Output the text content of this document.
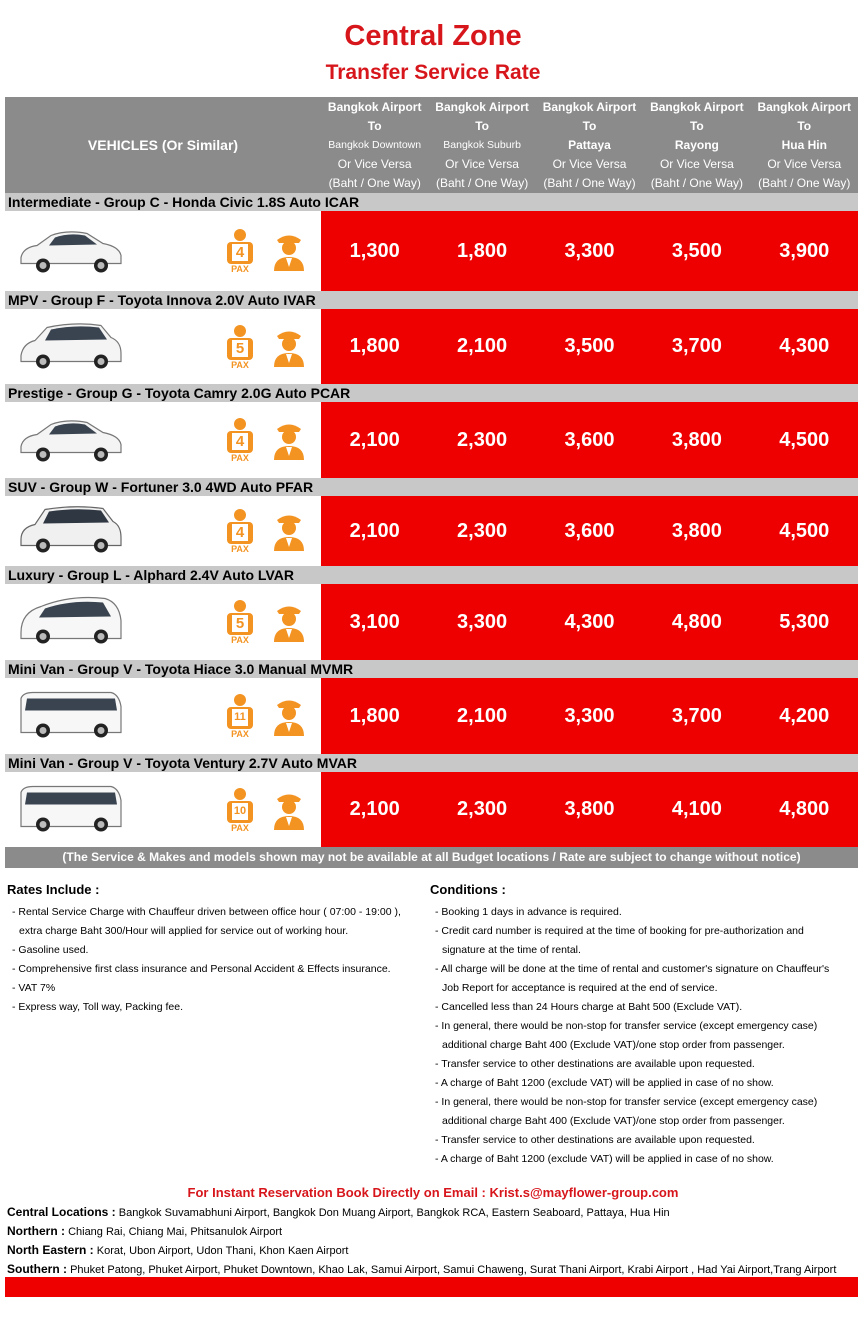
Central Zone
Transfer Service Rate
VEHICLES (Or Similar)
Bangkok Airport
To
Bangkok Downtown
Or Vice Versa
(Baht / One Way)
Bangkok Airport
To
Bangkok Suburb
Or Vice Versa
(Baht / One Way)
Bangkok Airport
To
Pattaya
Or Vice Versa
(Baht / One Way)
Bangkok Airport
To
Rayong
Or Vice Versa
(Baht / One Way)
Bangkok Airport
To
Hua Hin
Or Vice Versa
(Baht / One Way)
Intermediate - Group C - Honda Civic 1.8S Auto ICAR
4
PAX
1,300	1,800	3,300	3,500	3,900
MPV - Group F - Toyota Innova 2.0V Auto IVAR
5
PAX
1,800	2,100	3,500	3,700	4,300
Prestige - Group G - Toyota Camry 2.0G Auto PCAR
4
PAX
2,100	2,300	3,600	3,800	4,500
SUV - Group W - Fortuner 3.0 4WD Auto PFAR
4
PAX
2,100	2,300	3,600	3,800	4,500
Luxury - Group L - Alphard 2.4V Auto LVAR
5
PAX
3,100	3,300	4,300	4,800	5,300
Mini Van - Group V - Toyota Hiace 3.0 Manual MVMR
11
PAX
1,800	2,100	3,300	3,700	4,200
Mini Van - Group V - Toyota Ventury 2.7V Auto MVAR
10
PAX
2,100	2,300	3,800	4,100	4,800
(The Service & Makes and models shown may not be available at all Budget locations / Rate are subject to change without notice)
Rates Include :
- Rental Service Charge with Chauffeur driven between office hour ( 07:00 - 19:00 ),
extra charge Baht 300/Hour will applied for service out of working hour.
- Gasoline used.
- Comprehensive first class insurance and Personal Accident & Effects insurance.
- VAT 7%
- Express way, Toll way, Packing fee.
Conditions :
- Booking 1 days in advance is required.
- Credit card number is required at the time of booking for pre-authorization and
signature at the time of rental.
- All charge will be done at the time of rental and customer's signature on Chauffeur's
Job Report for acceptance is required at the end of service.
- Cancelled less than 24 Hours charge at Baht 500 (Exclude VAT).
- In general, there would be non-stop for transfer service (except emergency case)
additional charge Baht 400 (Exclude VAT)/one stop order from passenger.
- Transfer service to other destinations are available upon requested.
- A charge of Baht 1200 (exclude VAT) will be applied in case of no show.
- In general, there would be non-stop for transfer service (except emergency case)
additional charge Baht 400 (Exclude VAT)/one stop order from passenger.
- Transfer service to other destinations are available upon requested.
- A charge of Baht 1200 (exclude VAT) will be applied in case of no show.
For Instant Reservation Book Directly on Email : Krist.s@mayflower-group.com
Central Locations : Bangkok Suvamabhuni Airport, Bangkok Don Muang Airport, Bangkok RCA, Eastern Seaboard, Pattaya, Hua Hin
Northern : Chiang Rai, Chiang Mai, Phitsanulok Airport
North Eastern : Korat, Ubon Airport, Udon Thani, Khon Kaen Airport
Southern : Phuket Patong, Phuket Airport, Phuket Downtown, Khao Lak, Samui Airport, Samui Chaweng, Surat Thani Airport, Krabi Airport , Had Yai Airport,Trang Airport
